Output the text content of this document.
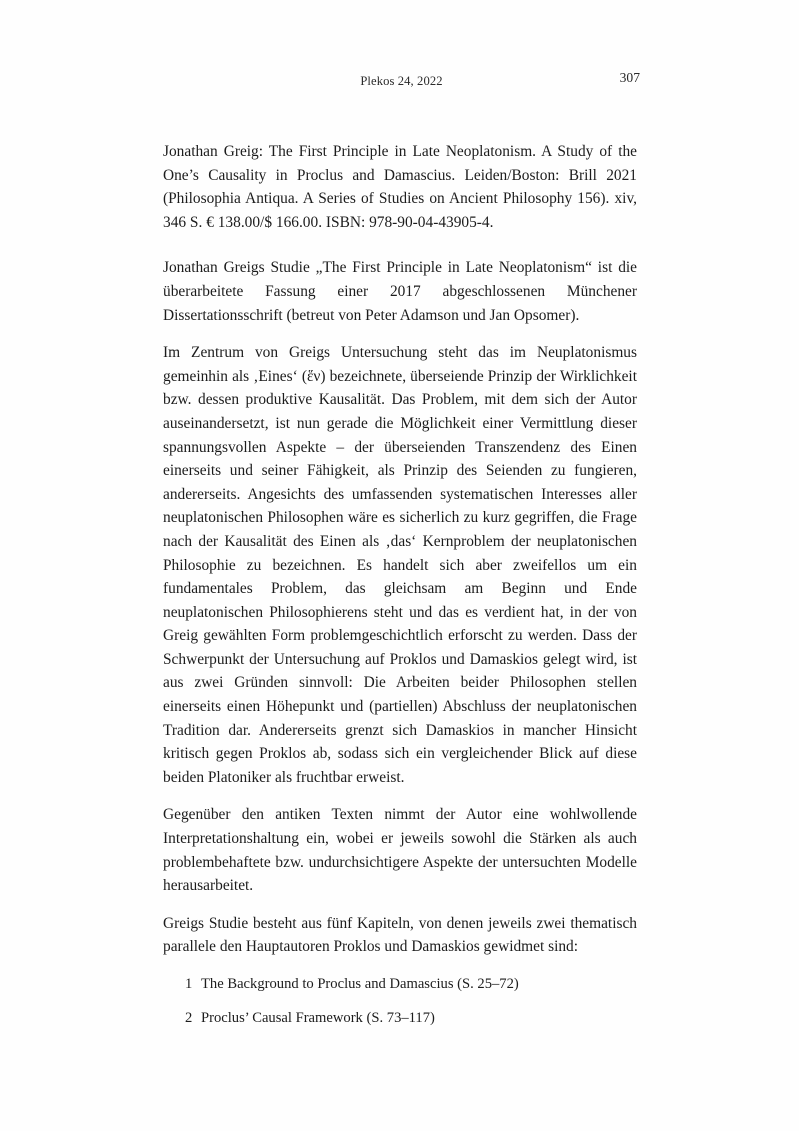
Plekos 24, 2022	307

Jonathan Greig: The First Principle in Late Neoplatonism. A Study of the One’s Causality in Proclus and Damascius. Leiden/Boston: Brill 2021 (Philosophia Antiqua. A Series of Studies on Ancient Philosophy 156). xiv, 346 S. € 138.00/$ 166.00. ISBN: 978-90-04-43905-4.

Jonathan Greigs Studie „The First Principle in Late Neoplatonism“ ist die überarbeitete Fassung einer 2017 abgeschlossenen Münchener Dissertationsschrift (betreut von Peter Adamson und Jan Opsomer).

Im Zentrum von Greigs Untersuchung steht das im Neuplatonismus gemeinhin als ‚Eines‘ (ἕν) bezeichnete, überseiende Prinzip der Wirklichkeit bzw. dessen produktive Kausalität. Das Problem, mit dem sich der Autor auseinandersetzt, ist nun gerade die Möglichkeit einer Vermittlung dieser spannungsvollen Aspekte – der überseienden Transzendenz des Einen einerseits und seiner Fähigkeit, als Prinzip des Seienden zu fungieren, andererseits. Angesichts des umfassenden systematischen Interesses aller neuplatonischen Philosophen wäre es sicherlich zu kurz gegriffen, die Frage nach der Kausalität des Einen als ‚das‘ Kernproblem der neuplatonischen Philosophie zu bezeichnen. Es handelt sich aber zweifellos um ein fundamentales Problem, das gleichsam am Beginn und Ende neuplatonischen Philosophierens steht und das es verdient hat, in der von Greig gewählten Form problemgeschichtlich erforscht zu werden. Dass der Schwerpunkt der Untersuchung auf Proklos und Damaskios gelegt wird, ist aus zwei Gründen sinnvoll: Die Arbeiten beider Philosophen stellen einerseits einen Höhepunkt und (partiellen) Abschluss der neuplatonischen Tradition dar. Andererseits grenzt sich Damaskios in mancher Hinsicht kritisch gegen Proklos ab, sodass sich ein vergleichender Blick auf diese beiden Platoniker als fruchtbar erweist.

Gegenüber den antiken Texten nimmt der Autor eine wohlwollende Interpretationshaltung ein, wobei er jeweils sowohl die Stärken als auch problembehaftete bzw. undurchsichtigere Aspekte der untersuchten Modelle herausarbeitet.

Greigs Studie besteht aus fünf Kapiteln, von denen jeweils zwei thematisch parallele den Hauptautoren Proklos und Damaskios gewidmet sind:

1 The Background to Proclus and Damascius (S. 25–72)
2 Proclus’ Causal Framework (S. 73–117)
